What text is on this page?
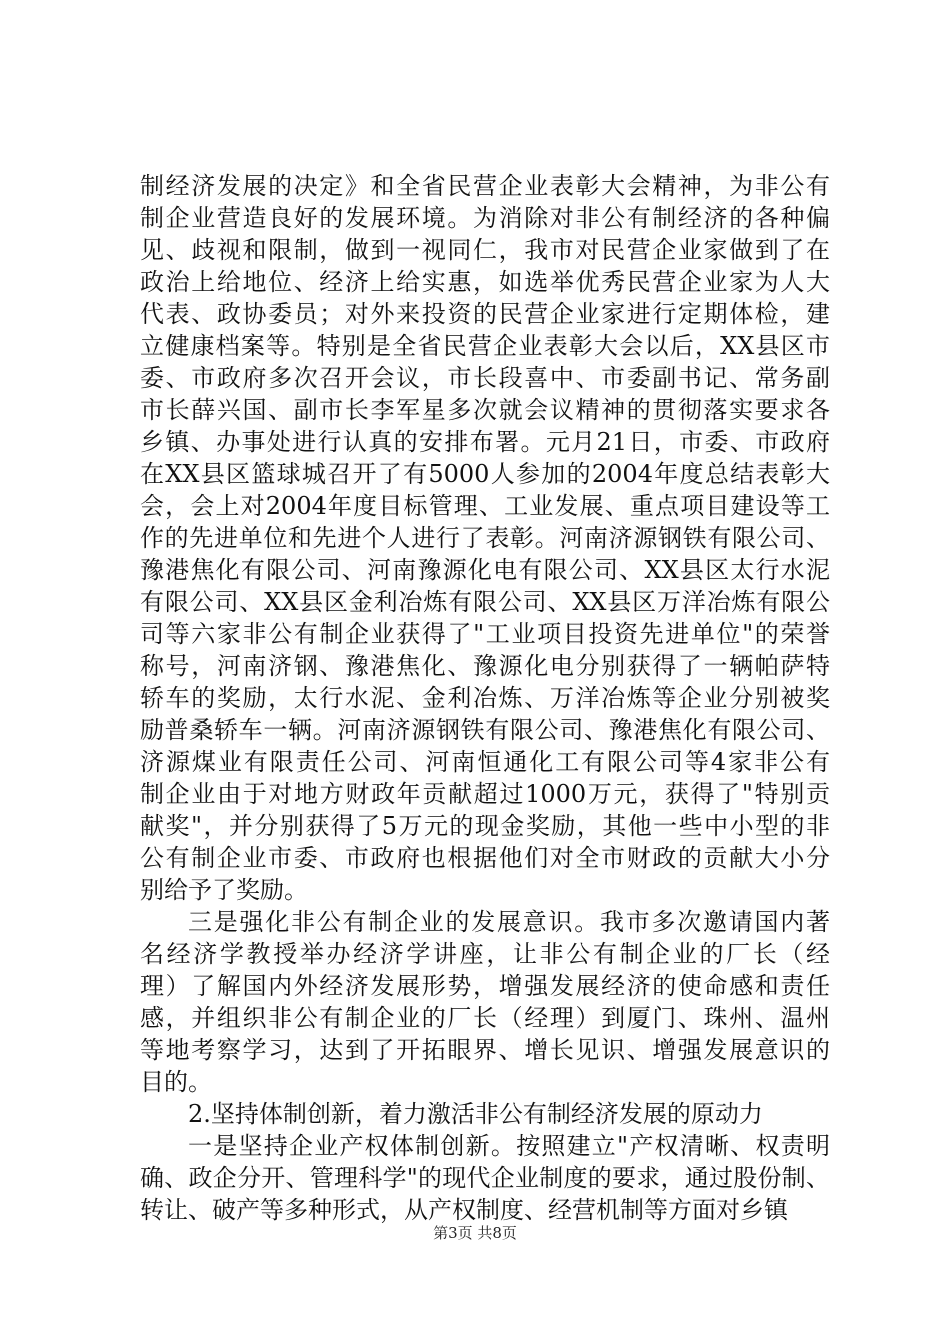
制经济发展的决定》和全省民营企业表彰大会精神，为非公有
制企业营造良好的发展环境。为消除对非公有制经济的各种偏
见、歧视和限制，做到一视同仁，我市对民营企业家做到了在
政治上给地位、经济上给实惠，如选举优秀民营企业家为人大
代表、政协委员；对外来投资的民营企业家进行定期体检，建
立健康档案等。特别是全省民营企业表彰大会以后，XX县区市
委、市政府多次召开会议，市长段喜中、市委副书记、常务副
市长薛兴国、副市长李军星多次就会议精神的贯彻落实要求各
乡镇、办事处进行认真的安排布署。元月21日，市委、市政府
在XX县区篮球城召开了有5000人参加的2004年度总结表彰大
会，会上对2004年度目标管理、工业发展、重点项目建设等工
作的先进单位和先进个人进行了表彰。河南济源钢铁有限公司、
豫港焦化有限公司、河南豫源化电有限公司、XX县区太行水泥
有限公司、XX县区金利冶炼有限公司、XX县区万洋冶炼有限公
司等六家非公有制企业获得了"工业项目投资先进单位"的荣誉
称号，河南济钢、豫港焦化、豫源化电分别获得了一辆帕萨特
轿车的奖励，太行水泥、金利冶炼、万洋冶炼等企业分别被奖
励普桑轿车一辆。河南济源钢铁有限公司、豫港焦化有限公司、
济源煤业有限责任公司、河南恒通化工有限公司等4家非公有
制企业由于对地方财政年贡献超过1000万元，获得了"特别贡
献奖"，并分别获得了5万元的现金奖励，其他一些中小型的非
公有制企业市委、市政府也根据他们对全市财政的贡献大小分
别给予了奖励。
三是强化非公有制企业的发展意识。我市多次邀请国内著
名经济学教授举办经济学讲座，让非公有制企业的厂长（经
理）了解国内外经济发展形势，增强发展经济的使命感和责任
感，并组织非公有制企业的厂长（经理）到厦门、珠州、温州
等地考察学习，达到了开拓眼界、增长见识、增强发展意识的
目的。
2.坚持体制创新，着力激活非公有制经济发展的原动力
一是坚持企业产权体制创新。按照建立"产权清晰、权责明
确、政企分开、管理科学"的现代企业制度的要求，通过股份制、
转让、破产等多种形式，从产权制度、经营机制等方面对乡镇
第3页 共8页
